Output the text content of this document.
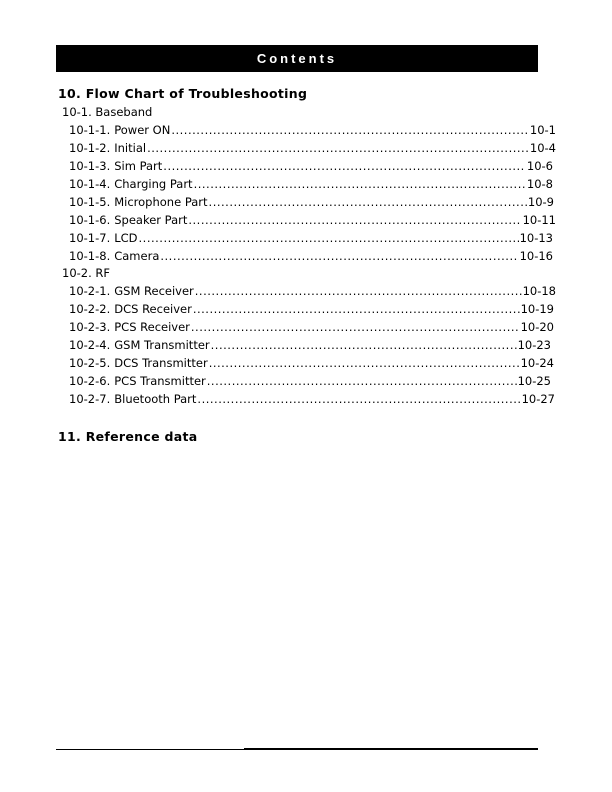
Contents
10. Flow Chart of Troubleshooting
10-1. Baseband
10-1-1. Power ON .....	10-1
10-1-2. Initial .....	10-4
10-1-3. Sim Part .....	10-6
10-1-4. Charging Part .....	10-8
10-1-5. Microphone Part .....	10-9
10-1-6. Speaker Part .....	10-11
10-1-7. LCD .....	10-13
10-1-8. Camera .....	10-16
10-2. RF
10-2-1. GSM Receiver .....	10-18
10-2-2. DCS Receiver .....	10-19
10-2-3. PCS Receiver .....	10-20
10-2-4. GSM Transmitter .....	10-23
10-2-5. DCS Transmitter .....	10-24
10-2-6. PCS Transmitter .....	10-25
10-2-7. Bluetooth Part .....	10-27
11. Reference data
